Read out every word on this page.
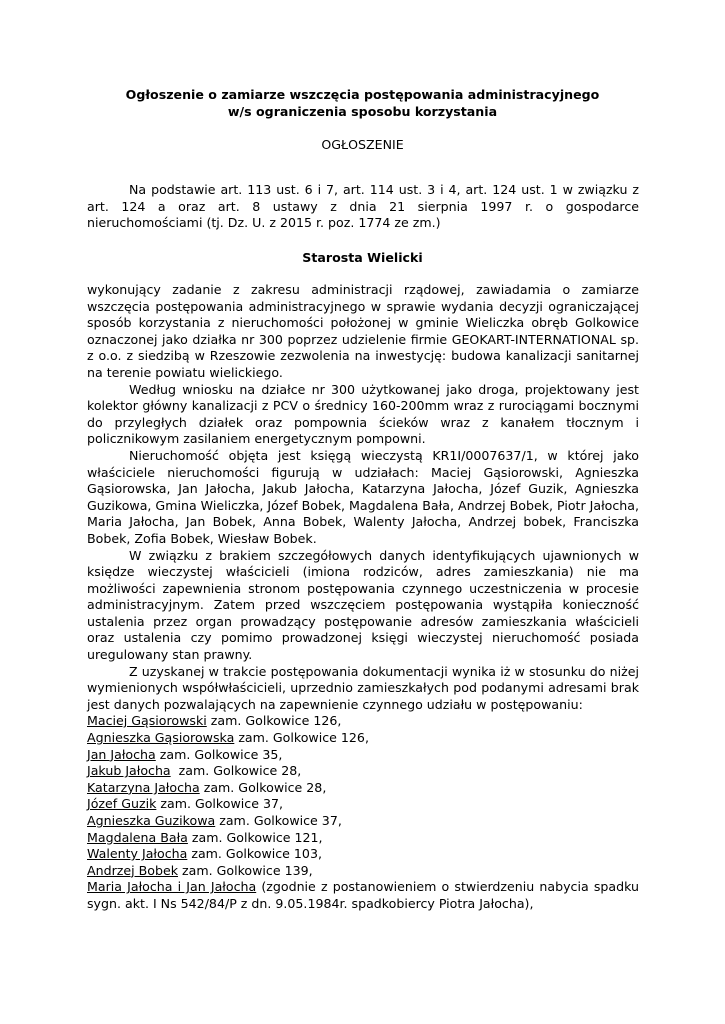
Ogłoszenie o zamiarze wszczęcia postępowania administracyjnego
w/s ograniczenia sposobu korzystania
OGŁOSZENIE

Na podstawie art. 113 ust. 6 i 7, art. 114 ust. 3 i 4, art. 124 ust. 1 w związku z art. 124 a oraz art. 8 ustawy z dnia 21 sierpnia 1997 r. o gospodarce nieruchomościami (tj. Dz. U. z 2015 r. poz. 1774 ze zm.)

Starosta Wielicki

wykonujący zadanie z zakresu administracji rządowej, zawiadamia o zamiarze wszczęcia postępowania administracyjnego w sprawie wydania decyzji ograniczającej sposób korzystania z nieruchomości położonej w gminie Wieliczka obręb Golkowice oznaczonej jako działka nr 300 poprzez udzielenie firmie GEOKART-INTERNATIONAL sp. z o.o. z siedzibą w Rzeszowie zezwolenia na inwestycję: budowa kanalizacji sanitarnej na terenie powiatu wielickiego.

Według wniosku na działce nr 300 użytkowanej jako droga, projektowany jest kolektor główny kanalizacji z PCV o średnicy 160-200mm wraz z rurociągami bocznymi do przyległych działek oraz pompownia ścieków wraz z kanałem tłocznym i policznikowym zasilaniem energetycznym pompowni.

Nieruchomość objęta jest księgą wieczystą KR1I/0007637/1, w której jako właściciele nieruchomości figurują w udziałach: Maciej Gąsiorowski, Agnieszka Gąsiorowska, Jan Jałocha, Jakub Jałocha, Katarzyna Jałocha, Józef Guzik, Agnieszka Guzikowa, Gmina Wieliczka, Józef Bobek, Magdalena Bała, Andrzej Bobek, Piotr Jałocha, Maria Jałocha, Jan Bobek, Anna Bobek, Walenty Jałocha, Andrzej bobek, Franciszka Bobek, Zofia Bobek, Wiesław Bobek.

W związku z brakiem szczegółowych danych identyfikujących ujawnionych w księdze wieczystej właścicieli (imiona rodziców, adres zamieszkania) nie ma możliwości zapewnienia stronom postępowania czynnego uczestniczenia w procesie administracyjnym. Zatem przed wszczęciem postępowania wystąpiła konieczność ustalenia przez organ prowadzący postępowanie adresów zamieszkania właścicieli oraz ustalenia czy pomimo prowadzonej księgi wieczystej nieruchomość posiada uregulowany stan prawny.

Z uzyskanej w trakcie postępowania dokumentacji wynika iż w stosunku do niżej wymienionych współwłaścicieli, uprzednio zamieszkałych pod podanymi adresami brak jest danych pozwalających na zapewnienie czynnego udziału w postępowaniu:

Maciej Gąsiorowski zam. Golkowice 126,
Agnieszka Gąsiorowska zam. Golkowice 126,
Jan Jałocha zam. Golkowice 35,
Jakub Jałocha  zam. Golkowice 28,
Katarzyna Jałocha zam. Golkowice 28,
Józef Guzik zam. Golkowice 37,
Agnieszka Guzikowa zam. Golkowice 37,
Magdalena Bała zam. Golkowice 121,
Walenty Jałocha zam. Golkowice 103,
Andrzej Bobek zam. Golkowice 139,

Maria Jałocha i Jan Jałocha (zgodnie z postanowieniem o stwierdzeniu nabycia spadku sygn. akt. I Ns 542/84/P z dn. 9.05.1984r. spadkobiercy Piotra Jałocha),
